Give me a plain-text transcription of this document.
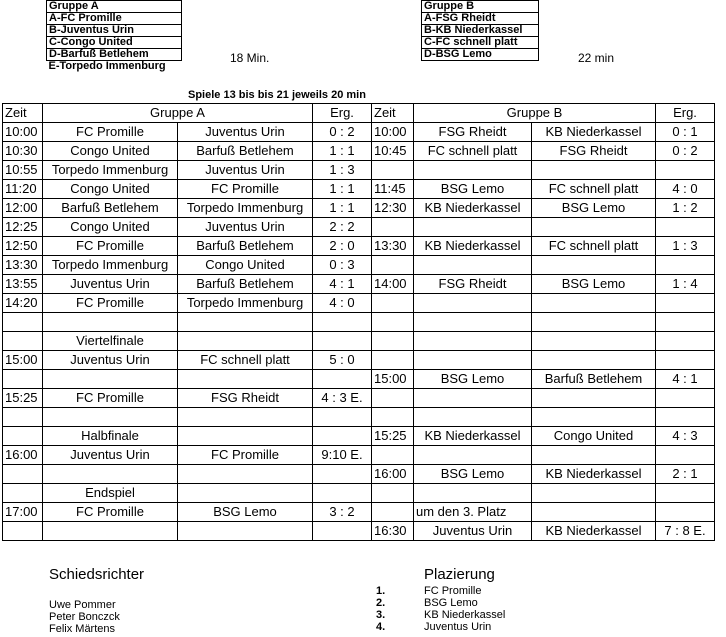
Gruppe A
A-FC Promille
B-Juventus Urin
C-Congo United
D-Barfuß Betlehem
E-Torpedo Immenburg
18 Min.
Gruppe B
A-FSG Rheidt
B-KB Niederkassel
C-FC schnell platt
D-BSG Lemo	22 min
Spiele 13 bis bis 21 jeweils 20 min
Zeit	Gruppe A		Erg.	Zeit	Gruppe B		Erg.
10:00	FC Promille	Juventus Urin	0 : 2	10:00	FSG Rheidt	KB Niederkassel	0 : 1
10:30	Congo United	Barfuß Betlehem	1 : 1	10:45	FC schnell platt	FSG Rheidt	0 : 2
10:55	Torpedo Immenburg	Juventus Urin	1 : 3				
11:20	Congo United	FC Promille	1 : 1	11:45	BSG Lemo	FC schnell platt	4 : 0
12:00	Barfuß Betlehem	Torpedo Immenburg	1 : 1	12:30	KB Niederkassel	BSG Lemo	1 : 2
12:25	Congo United	Juventus Urin	2 : 2				
12:50	FC Promille	Barfuß Betlehem	2 : 0	13:30	KB Niederkassel	FC schnell platt	1 : 3
13:30	Torpedo Immenburg	Congo United	0 : 3				
13:55	Juventus Urin	Barfuß Betlehem	4 : 1	14:00	FSG Rheidt	BSG Lemo	1 : 4
14:20	FC Promille	Torpedo Immenburg	4 : 0				

	Viertelfinale						
15:00	Juventus Urin	FC schnell platt	5 : 0				
				15:00	BSG Lemo	Barfuß Betlehem	4 : 1
15:25	FC Promille	FSG Rheidt	4 : 3 E.				

	Halbfinale			15:25	KB Niederkassel	Congo United	4 : 3
16:00	Juventus Urin	FC Promille	9:10 E.				
				16:00	BSG Lemo	KB Niederkassel	2 : 1
	Endspiel						
17:00	FC Promille	BSG Lemo	3 : 2		um den 3. Platz		
				16:30	Juventus Urin	KB Niederkassel	7 : 8 E.
Schiedsrichter
Uwe Pommer
Peter Bonczck
Felix Märtens
Plazierung
1.	FC Promille
2.	BSG Lemo
3.	KB Niederkassel
4.	Juventus Urin
